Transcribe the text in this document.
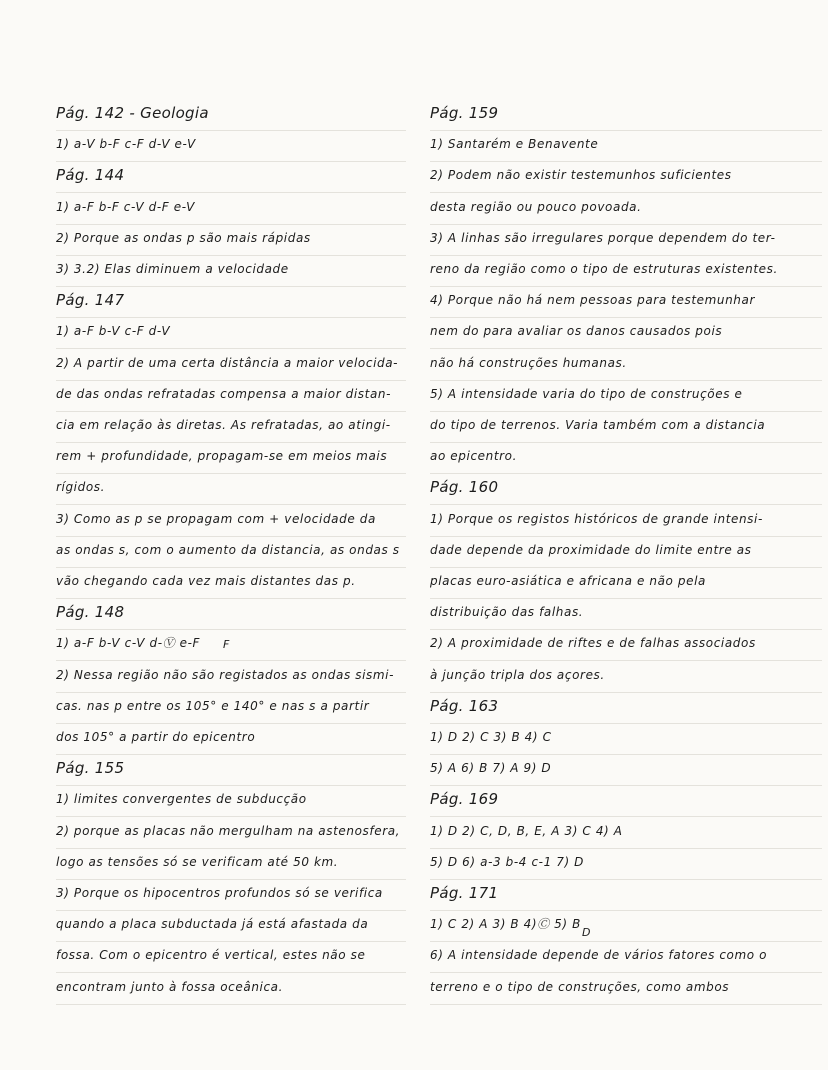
Pág. 142 - Geologia
1) a-V b-F c-F d-V e-V
Pág. 144
1) a-F b-F c-V d-F e-V
2) Porque as ondas p são mais rápidas
3) 3.2) Elas diminuem a velocidade
Pág. 147
1) a-F b-V c-F d-V
2) A partir de uma certa distância a maior velocida-
de das ondas refratadas compensa a maior distan-
cia em relação às diretas. As refratadas, ao atingi-
rem + profundidade, propagam-se em meios mais
rígidos.
3) Como as p se propagam com + velocidade da
as ondas s, com o aumento da distancia, as ondas s
vão chegando cada vez mais distantes das p.
Pág. 148
1) a-F b-V c-V d-Ⓥ e-F
2) Nessa região não são registados as ondas sismi-
cas. nas p entre os 105° e 140° e nas s a partir
dos 105° a partir do epicentro
Pág. 155
1) limites convergentes de subducção
2) porque as placas não mergulham na astenosfera,
logo as tensões só se verificam até 50 km.
3) Porque os hipocentros profundos só se verifica
quando a placa subductada já está afastada da
fossa. Com o epicentro é vertical, estes não se
encontram junto à fossa oceânica.
Pág. 159
1) Santarém e Benavente
2) Podem não existir testemunhos suficientes
desta região ou pouco povoada.
3) A linhas são irregulares porque dependem do ter-
reno da região como o tipo de estruturas existentes.
4) Porque não há nem pessoas para testemunhar
nem do para avaliar os danos causados pois
não há construções humanas.
5) A intensidade varia do tipo de construções e
do tipo de terrenos. Varia também com a distancia
ao epicentro.
Pág. 160
1) Porque os registos históricos de grande intensi-
dade depende da proximidade do limite entre as
placas euro-asiática e africana e não pela
distribuição das falhas.
2) A proximidade de riftes e de falhas associados
à junção tripla dos açores.
Pág. 163
1) D 2) C 3) B 4) C
5) A 6) B 7) A 9) D
Pág. 169
1) D 2) C, D, B, E, A 3) C 4) A
5) D 6) a-3 b-4 c-1 7) D
Pág. 171
1) C 2) A 3) B 4)Ⓒ 5) B
6) A intensidade depende de vários fatores como o
terreno e o tipo de construções, como ambos
F
D
